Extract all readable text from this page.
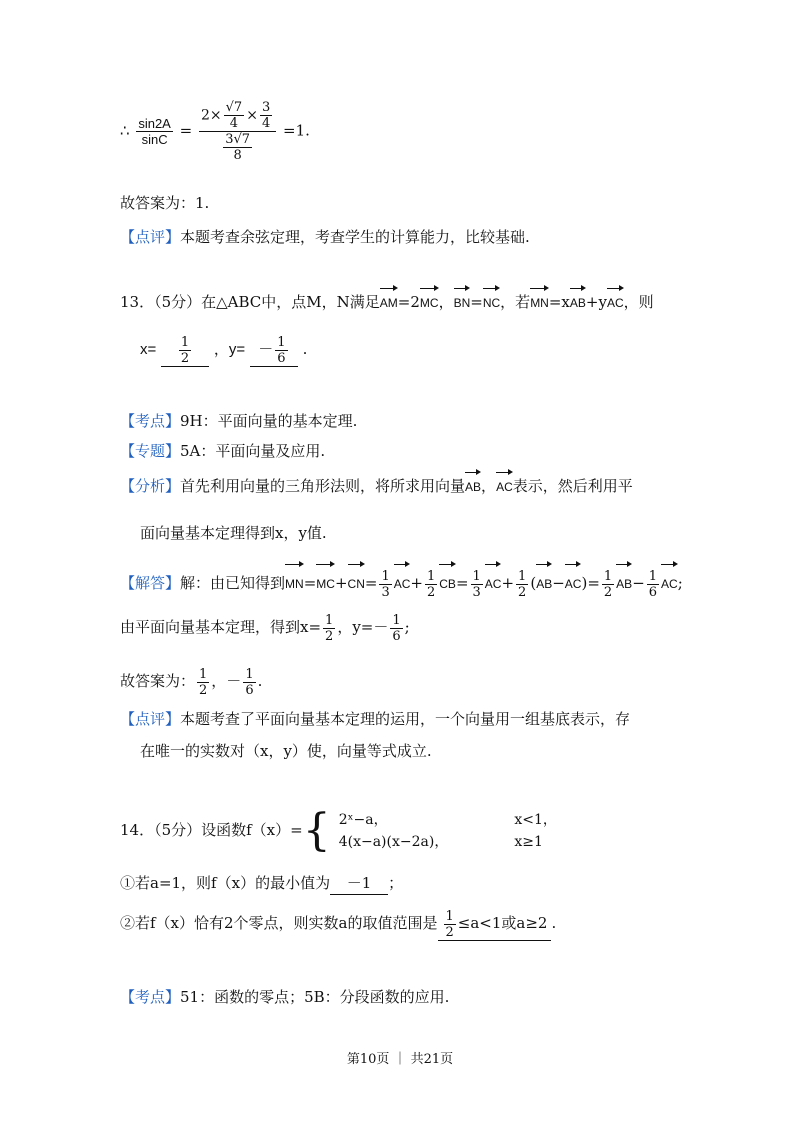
∴ $\frac{\sin 2A}{\sin C} = \frac{2\times \frac{√7}{4} \times \frac{3}{4}}{\frac{3√7}{8}} =1$.
故答案为：1.
【点评】本题考查余弦定理，考查学生的计算能力，比较基础.
13．（5分）在△ABC中，点M，N满足AM=2MC，BN=NC，若MN=xAB+yAC，则
$x= \frac{1}{2}$ ，$y= - \frac{1}{6}$ .
【考点】9H：平面向量的基本定理.
【专题】5A：平面向量及应用.
【分析】首先利用向量的三角形法则，将所求用向量AB，AC表示，然后利用平
面向量基本定理得到x，y值.
【解答】解：由已知得到$MN=MC+CN= \frac{1}{3} AC+ \frac{1}{2} CB= \frac{1}{3} AC+ \frac{1}{2} (AB-AC)= \frac{1}{2} AB- \frac{1}{6}$ AC;
由平面向量基本定理，得到$x= \frac{1}{2}$ ，$y=- \frac{1}{6}$ ;
故答案为： $\frac{1}{2}$ ，－ $\frac{1}{6}$ .
【点评】本题考查了平面向量基本定理的运用，一个向量用一组基底表示，存
在唯一的实数对（x，y）使，向量等式成立.
14．（5分）设函数f（x）={ 2ˣ−a，	x<1，
4(x−a)(x−2a)，	x≥1
①若a=1，则f（x）的最小值为 －1 ；
②若f（x）恰有2个零点，则实数a的取值范围是 $\frac{1}{2} \le a<1$或a≥2 .
【考点】51：函数的零点；5B：分段函数的应用.
第10页 ｜ 共21页
